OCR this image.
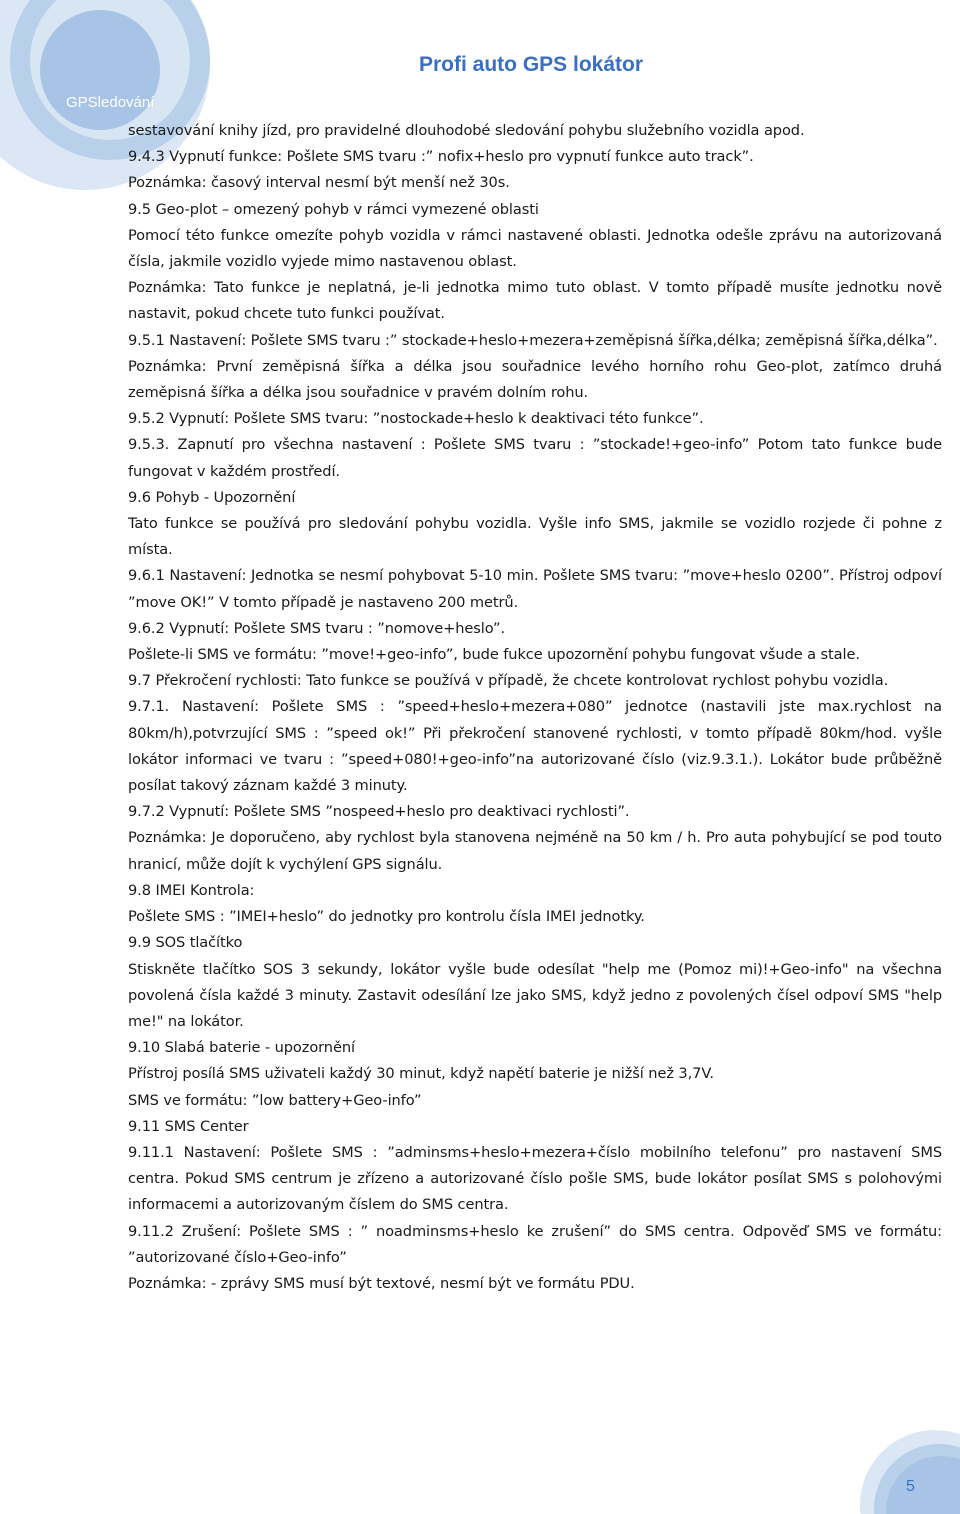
GPSledování
Profi auto GPS lokátor

sestavování knihy jízd, pro pravidelné dlouhodobé sledování pohybu služebního vozidla apod.

9.4.3 Vypnutí funkce: Pošlete SMS tvaru :” nofix+heslo pro vypnutí funkce auto track”.

Poznámka: časový interval nesmí být menší než 30s.

9.5 Geo-plot – omezený pohyb v rámci vymezené oblasti

Pomocí této funkce omezíte pohyb vozidla v rámci nastavené oblasti. Jednotka odešle zprávu na autorizovaná čísla, jakmile vozidlo vyjede mimo nastavenou oblast.

Poznámka: Tato funkce je neplatná, je-li jednotka mimo tuto oblast. V tomto případě musíte jednotku nově nastavit, pokud chcete tuto funkci používat.

9.5.1 Nastavení: Pošlete SMS tvaru :” stockade+heslo+mezera+zeměpisná šířka,délka; zeměpisná šířka,délka”.

Poznámka: První zeměpisná šířka a délka jsou souřadnice levého horního rohu Geo-plot, zatímco druhá zeměpisná šířka a délka jsou souřadnice v pravém dolním rohu.

9.5.2 Vypnutí: Pošlete SMS tvaru: ”nostockade+heslo k deaktivaci této funkce”.

9.5.3. Zapnutí pro všechna nastavení : Pošlete SMS tvaru : ”stockade!+geo-info” Potom tato funkce bude fungovat v každém prostředí.

9.6 Pohyb - Upozornění

Tato funkce se používá pro sledování pohybu vozidla. Vyšle info SMS, jakmile se vozidlo rozjede či pohne z místa.

9.6.1 Nastavení: Jednotka se nesmí pohybovat 5-10 min. Pošlete SMS tvaru: ”move+heslo 0200”. Přístroj odpoví ”move OK!” V tomto případě je nastaveno 200 metrů.

9.6.2 Vypnutí: Pošlete SMS tvaru : ”nomove+heslo”.

Pošlete-li SMS ve formátu: ”move!+geo-info”, bude fukce upozornění pohybu fungovat všude a stale.

9.7 Překročení rychlosti: Tato funkce se používá v případě, že chcete kontrolovat rychlost pohybu vozidla.

9.7.1. Nastavení: Pošlete SMS : ”speed+heslo+mezera+080” jednotce (nastavili jste max.rychlost na 80km/h),potvrzující SMS : ”speed ok!” Při překročení stanovené rychlosti, v tomto případě 80km/hod. vyšle lokátor informaci ve tvaru : ”speed+080!+geo-info”na autorizované číslo (viz.9.3.1.). Lokátor bude průběžně posílat takový záznam každé 3 minuty.

9.7.2 Vypnutí: Pošlete SMS ”nospeed+heslo pro deaktivaci rychlosti”.

Poznámka: Je doporučeno, aby rychlost byla stanovena nejméně na 50 km / h. Pro auta pohybující se pod touto hranicí, může dojít k vychýlení GPS signálu.

9.8 IMEI Kontrola:

Pošlete SMS : ”IMEI+heslo” do jednotky pro kontrolu čísla IMEI jednotky.

9.9 SOS tlačítko

Stiskněte tlačítko SOS 3 sekundy, lokátor vyšle bude odesílat "help me (Pomoz mi)!+Geo-info" na všechna povolená čísla každé 3 minuty. Zastavit odesílání lze jako SMS, když jedno z povolených čísel odpoví SMS "help me!" na lokátor.

9.10 Slabá baterie - upozornění

Přístroj posílá SMS uživateli každý 30 minut, když napětí baterie je nižší než 3,7V.

SMS ve formátu: ”low battery+Geo-info”

9.11 SMS Center

9.11.1 Nastavení: Pošlete SMS : ”adminsms+heslo+mezera+číslo mobilního telefonu” pro nastavení SMS centra. Pokud SMS centrum je zřízeno a autorizované číslo pošle SMS, bude lokátor posílat SMS s polohovými informacemi a autorizovaným číslem do SMS centra.

9.11.2 Zrušení: Pošlete SMS : ” noadminsms+heslo ke zrušení” do SMS centra. Odpověď SMS ve formátu: ”autorizované číslo+Geo-info”

Poznámka: - zprávy SMS musí být textové, nesmí být ve formátu PDU.

5
